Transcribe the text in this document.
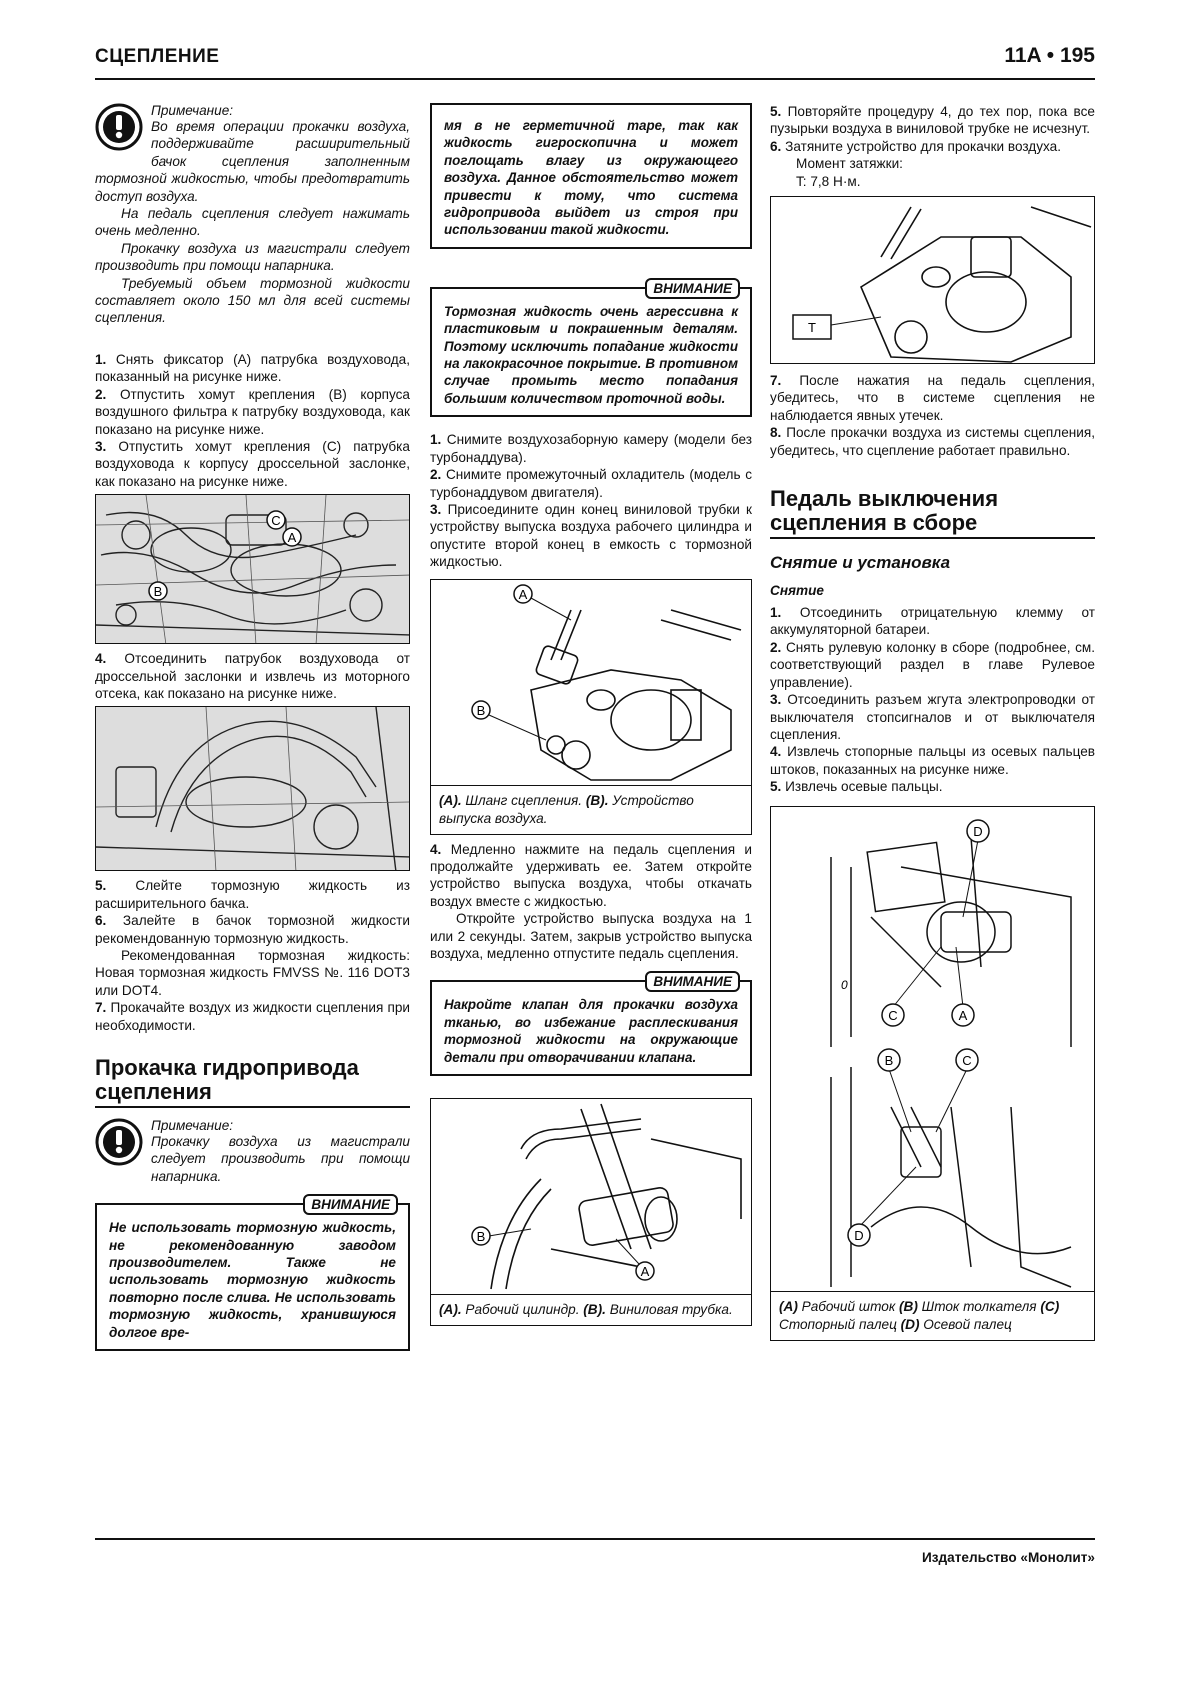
СЦЕПЛЕНИЕ	11A • 195
Примечание:

Во время операции прокачки воздуха, поддерживайте расширительный бачок сцепления заполненным тормозной жидкостью, чтобы предотвратить доступ воздуха.

На педаль сцепления следует нажимать очень медленно.

Прокачку воздуха из магистрали следует производить при помощи напарника.

Требуемый объем тормозной жидкости составляет около 150 мл для всей системы сцепления.

1. Снять фиксатор (А) патрубка воздуховода, показанный на рисунке ниже.

2. Отпустить хомут крепления (В) корпуса воздушного фильтра к патрубку воздуховода, как показано на рисунке ниже.

3. Отпустить хомут крепления (С) патрубка воздуховода к корпусу дроссельной заслонке, как показано на рисунке ниже.

C
A
B

4. Отсоединить патрубок воздуховода от дроссельной заслонки и извлечь из моторного отсека, как показано на рисунке ниже.

5. Слейте тормозную жидкость из расширительного бачка.

6. Залейте в бачок тормозной жидкости рекомендованную тормозную жидкость.

Рекомендованная тормозная жидкость: Новая тормозная жидкость FMVSS №. 116 DOT3 или DOT4.

7. Прокачайте воздух из жидкости сцепления при необходимости.

Прокачка гидропривода сцепления
Примечание:

Прокачку воздуха из магистрали следует производить при помощи напарника.

ВНИМАНИЕ

Не использовать тормозную жидкость, не рекомендованную заводом производителем. Также не использовать тормозную жидкость повторно после слива. Не использовать тормозную жидкость, хранившуюся долгое вре-

мя в не герметичной таре, так как жидкость гигроскопична и может поглощать влагу из окружающего воздуха. Данное обстоятельство может привести к тому, что система гидропривода выйдет из строя при использовании такой жидкости.

ВНИМАНИЕ

Тормозная жидкость очень агрессивна к пластиковым и покрашенным деталям. Поэтому исключить попадание жидкости на лакокрасочное покрытие. В противном случае промыть место попадания большим количеством проточной воды.

1. Снимите воздухозаборную камеру (модели без турбонаддува).

2. Снимите промежуточный охладитель (модель с турбонаддувом двигателя).

3. Присоедините один конец виниловой трубки к устройству выпуска воздуха рабочего цилиндра и опустите второй конец в емкость с тормозной жидкостью.

A
B
(A). Шланг сцепления. (B). Устройство выпуска воздуха.

4. Медленно нажмите на педаль сцепления и продолжайте удерживать ее. Затем откройте устройство выпуска воздуха, чтобы откачать воздух вместе с жидкостью.

Откройте устройство выпуска воздуха на 1 или 2 секунды. Затем, закрыв устройство выпуска воздуха, медленно отпустите педаль сцепления.

ВНИМАНИЕ

Накройте клапан для прокачки воздуха тканью, во избежание расплескивания тормозной жидкости на окружающие детали при отворачивании клапана.

B
A
(A). Рабочий цилиндр. (B). Виниловая трубка.

5. Повторяйте процедуру 4, до тех пор, пока все пузырьки воздуха в виниловой трубке не исчезнут.

6. Затяните устройство для прокачки воздуха.

Момент затяжки:

T: 7,8 Н·м.

T

7. После нажатия на педаль сцепления, убедитесь, что в системе сцепления не наблюдается явных утечек.

8. После прокачки воздуха из системы сцепления, убедитесь, что сцепление работает правильно.

Педаль выключения сцепления в сборе
Снятие и установка
Снятие

1. Отсоединить отрицательную клемму от аккумуляторной батареи.

2. Снять рулевую колонку в сборе (подробнее, см. соответствующий раздел в главе Рулевое управление).

3. Отсоединить разъем жгута электропроводки от выключателя стопсигналов и от выключателя сцепления.

4. Извлечь стопорные пальцы из осевых пальцев штоков, показанных на рисунке ниже.

5. Извлечь осевые пальцы.

0
D
C	A
B	C
D
(A) Рабочий шток (B) Шток толкателя (C) Стопорный палец (D) Осевой палец
Издательство «Монолит»
